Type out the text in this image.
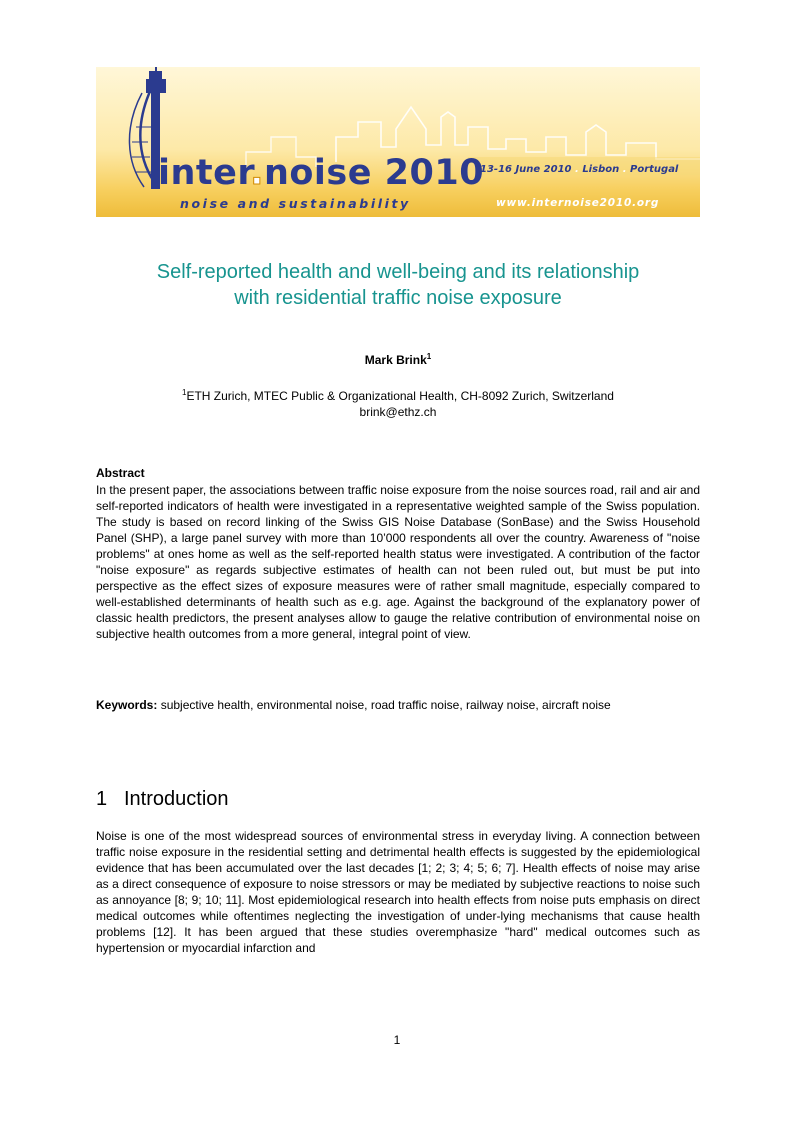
inter.noise 2010
noise and sustainability
13-16 June 2010 . Lisbon . Portugal
www.internoise2010.org
Self-reported health and well-being and its relationship
with residential traffic noise exposure
Mark Brink$^1$
$^1$ETH Zurich, MTEC Public & Organizational Health, CH-8092 Zurich, Switzerland
brink@ethz.ch
Abstract

In the present paper, the associations between traffic noise exposure from the noise sources road, rail and air and self-reported indicators of health were investigated in a representative weighted sample of the Swiss population. The study is based on record linking of the Swiss GIS Noise Database (SonBase) and the Swiss Household Panel (SHP), a large panel survey with more than 10’000 respondents all over the country. Awareness of "noise problems" at ones home as well as the self-reported health status were investigated. A contribution of the factor "noise exposure" as regards subjective estimates of health can not been ruled out, but must be put into perspective as the effect sizes of exposure measures were of rather small magnitude, especially compared to well-established determinants of health such as e.g. age. Against the background of the explanatory power of classic health predictors, the present analyses allow to gauge the relative contribution of environmental noise on subjective health outcomes from a more general, integral point of view.

Keywords: subjective health, environmental noise, road traffic noise, railway noise, aircraft noise

1 Introduction

Noise is one of the most widespread sources of environmental stress in everyday living. A connection between traffic noise exposure in the residential setting and detrimental health effects is suggested by the epidemiological evidence that has been accumulated over the last decades [1; 2; 3; 4; 5; 6; 7]. Health effects of noise may arise as a direct consequence of exposure to noise stressors or may be mediated by subjective reactions to noise such as annoyance [8; 9; 10; 11]. Most epidemiological research into health effects from noise puts emphasis on direct medical outcomes while oftentimes neglecting the investigation of under-lying mechanisms that cause health problems [12]. It has been argued that these studies overemphasize "hard" medical outcomes such as hypertension or myocardial infarction and

1
